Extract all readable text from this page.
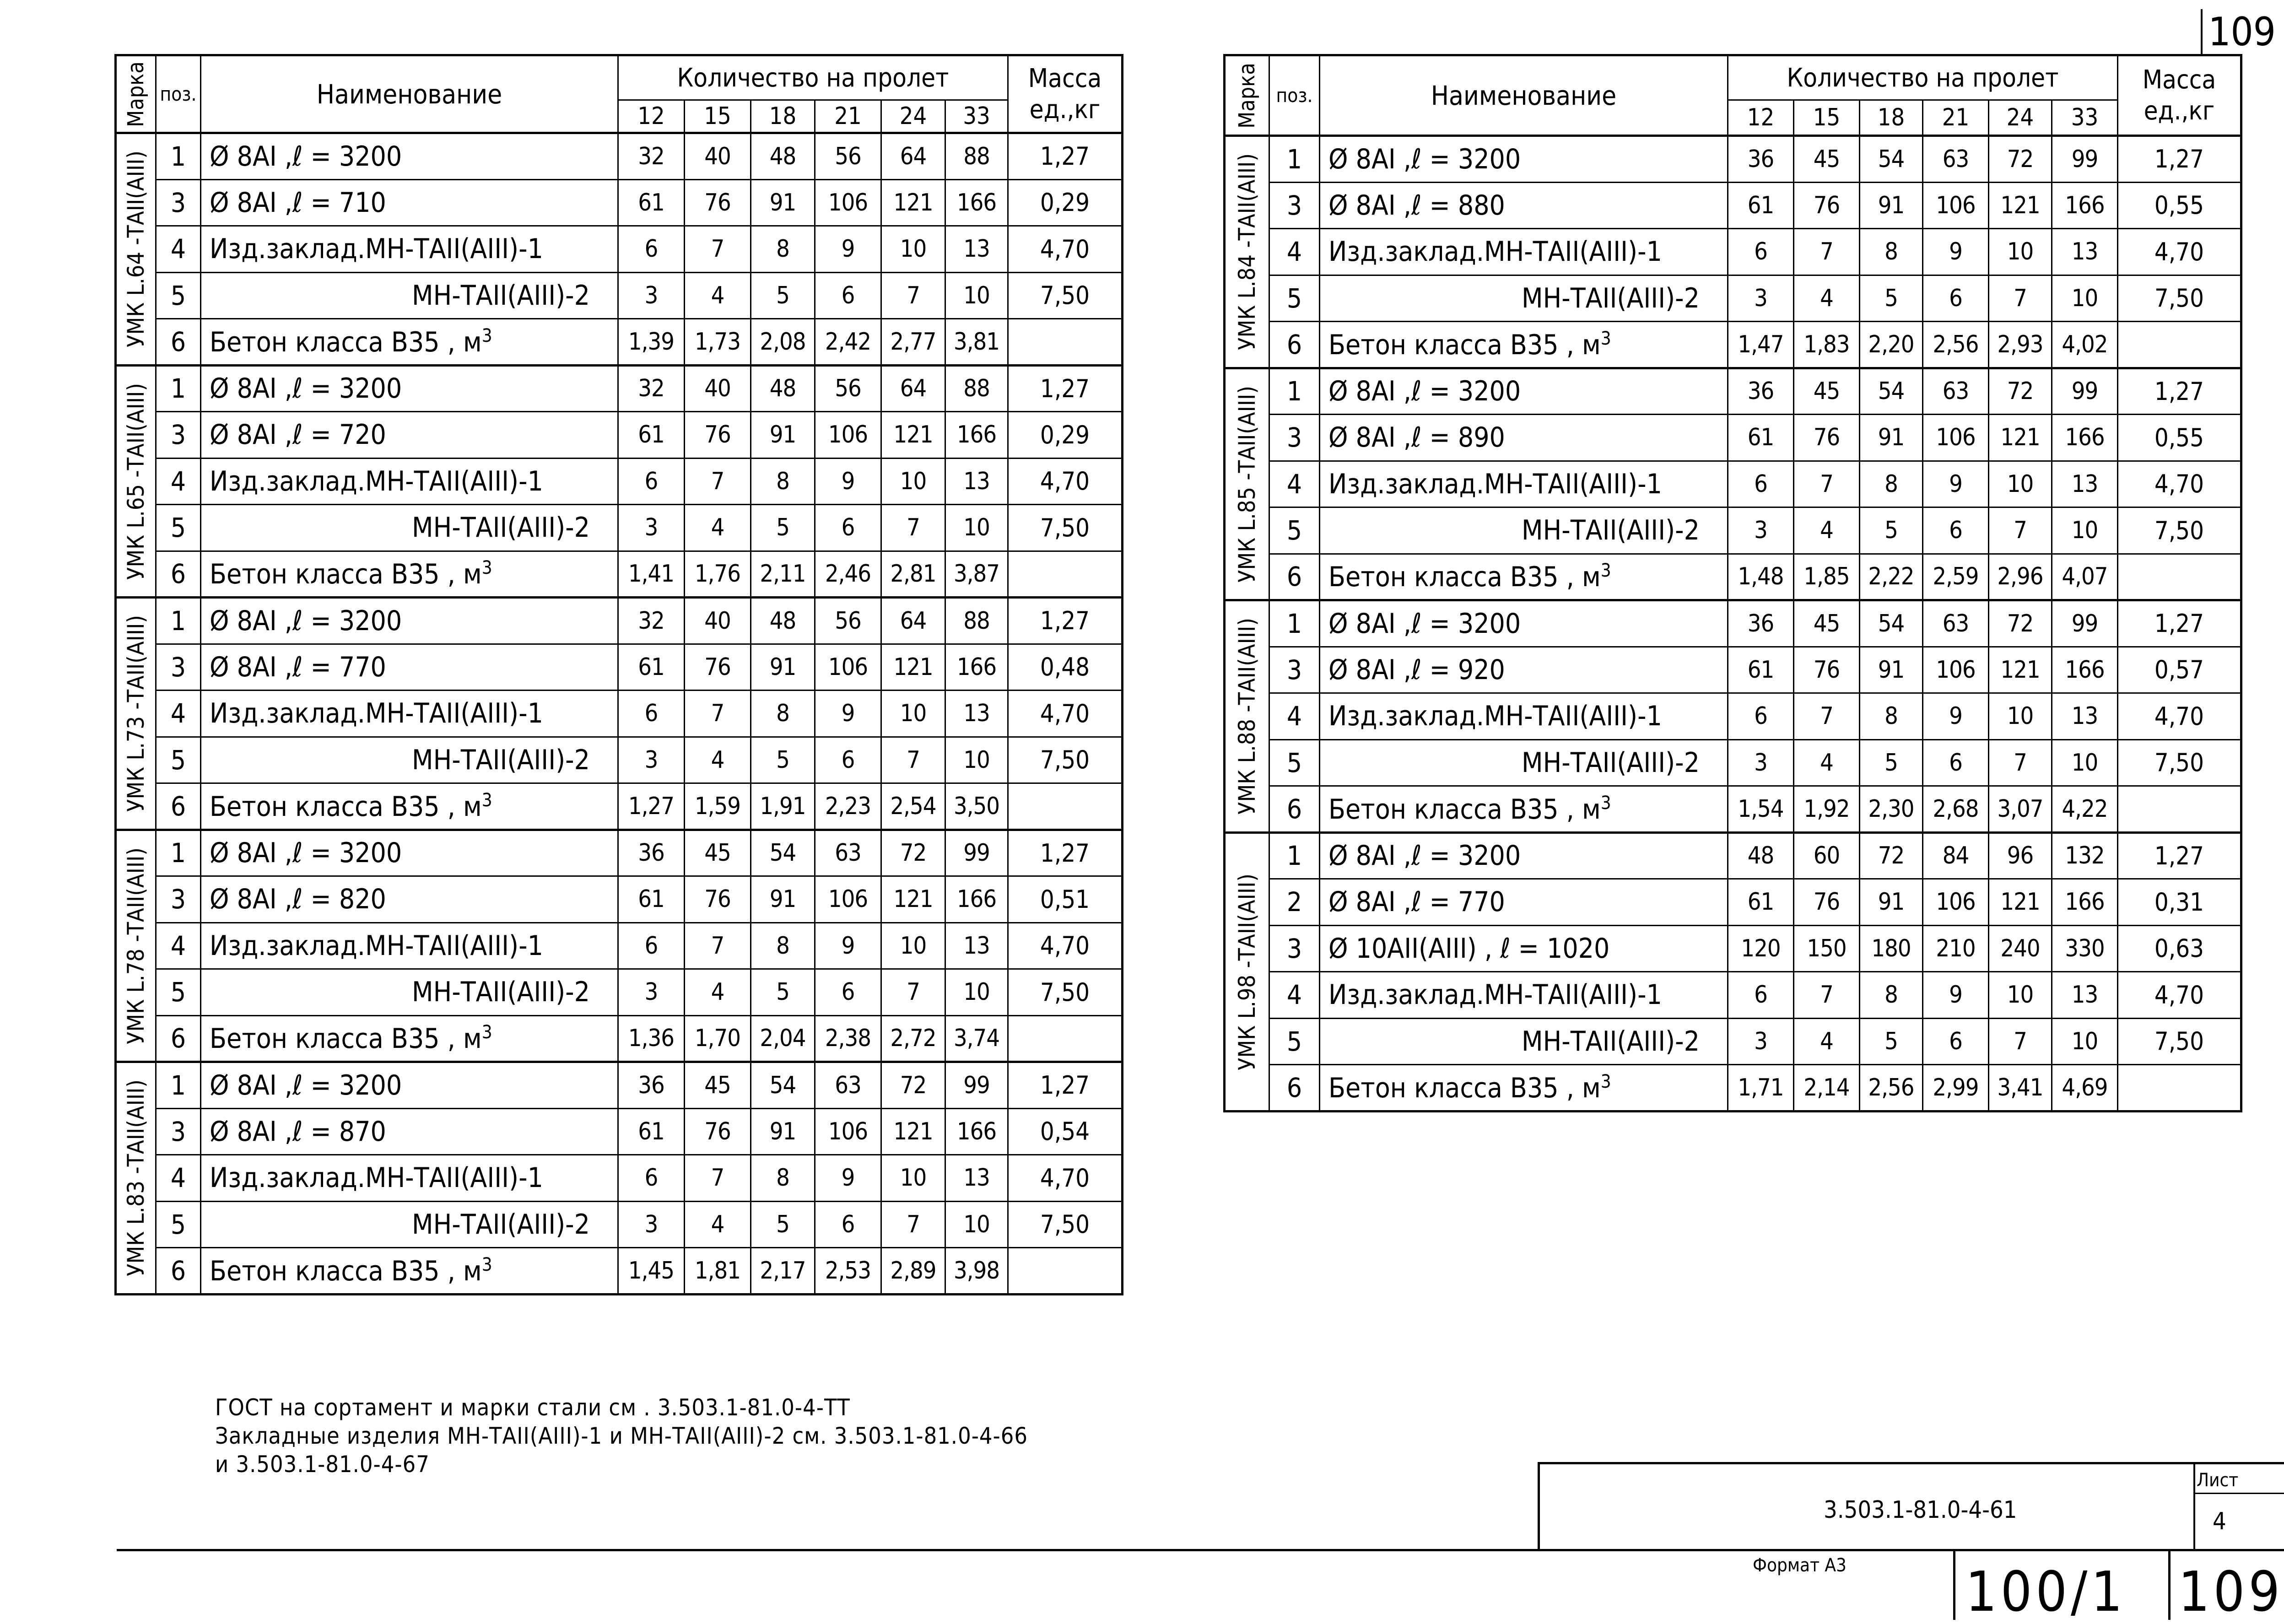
109
Марка	поз.	Наименование	Количество на пролет						Масса
ед.,кг

			12	15	18	21	24	33	

УМК L.64 -ТАII(АIII)	1	Ø 8АI ,ℓ = 3200	32	40	48	56	64	88	1,27
	3	Ø 8АI ,ℓ = 710	61	76	91	106	121	166	0,29
	4	Изд.заклад.МН-ТАII(АIII)-1	6	7	8	9	10	13	4,70
	5	МН-ТАII(АIII)-2	3	4	5	6	7	10	7,50
	6	Бетон класса В35 , $м^3$	1,39	1,73	2,08	2,42	2,77	3,81	

УМК L.65 -ТАII(АIII)	1	Ø 8АI ,ℓ = 3200	32	40	48	56	64	88	1,27
	3	Ø 8АI ,ℓ = 720	61	76	91	106	121	166	0,29
	4	Изд.заклад.МН-ТАII(АIII)-1	6	7	8	9	10	13	4,70
	5	МН-ТАII(АIII)-2	3	4	5	6	7	10	7,50
	6	Бетон класса В35 , $м^3$	1,41	1,76	2,11	2,46	2,81	3,87	

УМК L.73 -ТАII(АIII)	1	Ø 8АI ,ℓ = 3200	32	40	48	56	64	88	1,27
	3	Ø 8АI ,ℓ = 770	61	76	91	106	121	166	0,48
	4	Изд.заклад.МН-ТАII(АIII)-1	6	7	8	9	10	13	4,70
	5	МН-ТАII(АIII)-2	3	4	5	6	7	10	7,50
	6	Бетон класса В35 , $м^3$	1,27	1,59	1,91	2,23	2,54	3,50	

УМК L.78 -ТАII(АIII)	1	Ø 8АI ,ℓ = 3200	36	45	54	63	72	99	1,27
	3	Ø 8АI ,ℓ = 820	61	76	91	106	121	166	0,51
	4	Изд.заклад.МН-ТАII(АIII)-1	6	7	8	9	10	13	4,70
	5	МН-ТАII(АIII)-2	3	4	5	6	7	10	7,50
	6	Бетон класса В35 , $м^3$	1,36	1,70	2,04	2,38	2,72	3,74	

УМК L.83 -ТАII(АIII)	1	Ø 8АI ,ℓ = 3200	36	45	54	63	72	99	1,27
	3	Ø 8АI ,ℓ = 870	61	76	91	106	121	166	0,54
	4	Изд.заклад.МН-ТАII(АIII)-1	6	7	8	9	10	13	4,70
	5	МН-ТАII(АIII)-2	3	4	5	6	7	10	7,50
	6	Бетон класса В35 , $м^3$	1,45	1,81	2,17	2,53	2,89	3,98	
Марка	поз.	Наименование	Количество на пролет						Масса
ед.,кг

			12	15	18	21	24	33	

УМК L.84 -ТАII(АIII)	1	Ø 8АI ,ℓ = 3200	36	45	54	63	72	99	1,27
	3	Ø 8АI ,ℓ = 880	61	76	91	106	121	166	0,55
	4	Изд.заклад.МН-ТАII(АIII)-1	6	7	8	9	10	13	4,70
	5	МН-ТАII(АIII)-2	3	4	5	6	7	10	7,50
	6	Бетон класса В35 , $м^3$	1,47	1,83	2,20	2,56	2,93	4,02	

УМК L.85 -ТАII(АIII)	1	Ø 8АI ,ℓ = 3200	36	45	54	63	72	99	1,27
	3	Ø 8АI ,ℓ = 890	61	76	91	106	121	166	0,55
	4	Изд.заклад.МН-ТАII(АIII)-1	6	7	8	9	10	13	4,70
	5	МН-ТАII(АIII)-2	3	4	5	6	7	10	7,50
	6	Бетон класса В35 , $м^3$	1,48	1,85	2,22	2,59	2,96	4,07	

УМК L.88 -ТАII(АIII)	1	Ø 8АI ,ℓ = 3200	36	45	54	63	72	99	1,27
	3	Ø 8АI ,ℓ = 920	61	76	91	106	121	166	0,57
	4	Изд.заклад.МН-ТАII(АIII)-1	6	7	8	9	10	13	4,70
	5	МН-ТАII(АIII)-2	3	4	5	6	7	10	7,50
	6	Бетон класса В35 , $м^3$	1,54	1,92	2,30	2,68	3,07	4,22	

УМК L.98 -ТАII(АIII)	1	Ø 8АI ,ℓ = 3200	48	60	72	84	96	132	1,27
	2	Ø 8АI ,ℓ = 770	61	76	91	106	121	166	0,31
	3	Ø 10АII(АIII) , ℓ = 1020	120	150	180	210	240	330	0,63
	4	Изд.заклад.МН-ТАII(АIII)-1	6	7	8	9	10	13	4,70
	5	МН-ТАII(АIII)-2	3	4	5	6	7	10	7,50
	6	Бетон класса В35 , $м^3$	1,71	2,14	2,56	2,99	3,41	4,69	
ГОСТ на сортамент и марки стали см . 3.503.1-81.0-4-ТТ
Закладные изделия МН-ТАII(АIII)-1 и МН-ТАII(АIII)-2 см. 3.503.1-81.0-4-66
и 3.503.1-81.0-4-67
3.503.1-81.0-4-61
Лист
4
Формат А3 100/1 109
